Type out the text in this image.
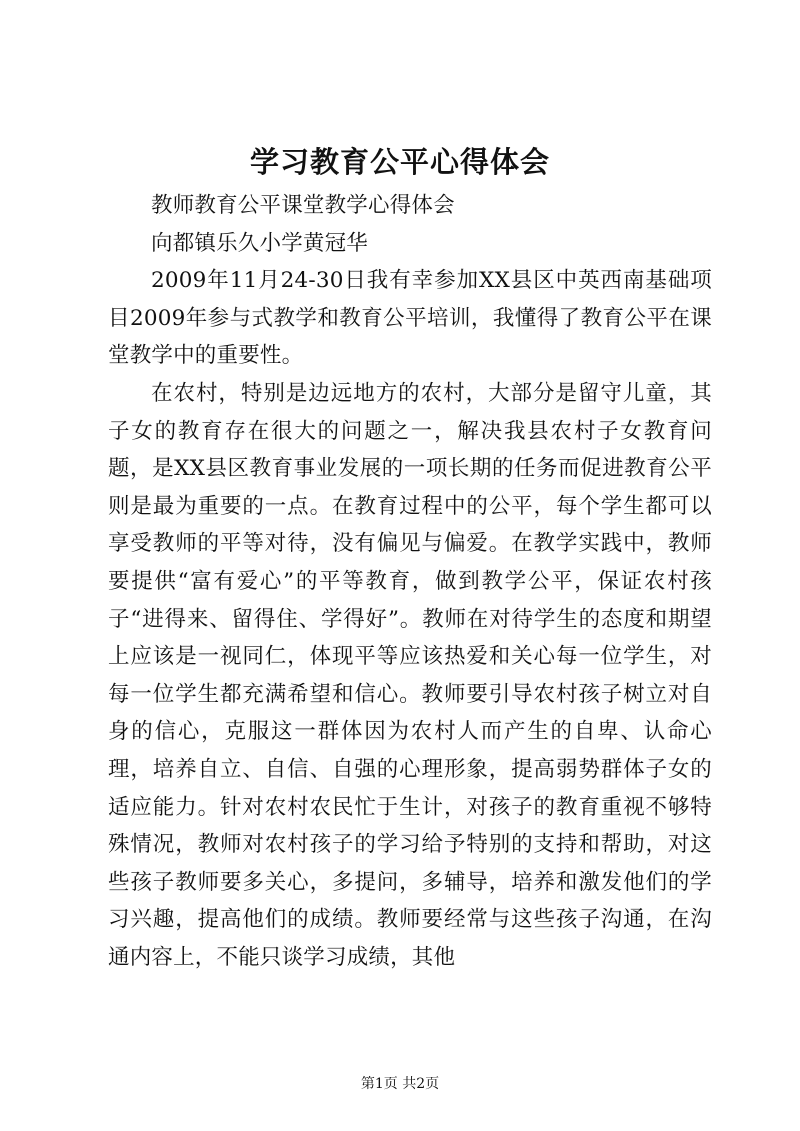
学习教育公平心得体会

教师教育公平课堂教学心得体会

向都镇乐久小学黄冠华

2009年11月24-30日我有幸参加XX县区中英西南基础项目2009年参与式教学和教育公平培训，我懂得了教育公平在课堂教学中的重要性。

在农村，特别是边远地方的农村，大部分是留守儿童，其子女的教育存在很大的问题之一，解决我县农村子女教育问题，是XX县区教育事业发展的一项长期的任务而促进教育公平则是最为重要的一点。在教育过程中的公平，每个学生都可以享受教师的平等对待，没有偏见与偏爱。在教学实践中，教师要提供“富有爱心”的平等教育，做到教学公平，保证农村孩子“进得来、留得住、学得好”。教师在对待学生的态度和期望上应该是一视同仁，体现平等应该热爱和关心每一位学生，对每一位学生都充满希望和信心。教师要引导农村孩子树立对自身的信心，克服这一群体因为农村人而产生的自卑、认命心理，培养自立、自信、自强的心理形象，提高弱势群体子女的适应能力。针对农村农民忙于生计，对孩子的教育重视不够特殊情况，教师对农村孩子的学习给予特别的支持和帮助，对这些孩子教师要多关心，多提问，多辅导，培养和激发他们的学习兴趣，提高他们的成绩。教师要经常与这些孩子沟通，在沟通内容上，不能只谈学习成绩，其他

第1页 共2页
